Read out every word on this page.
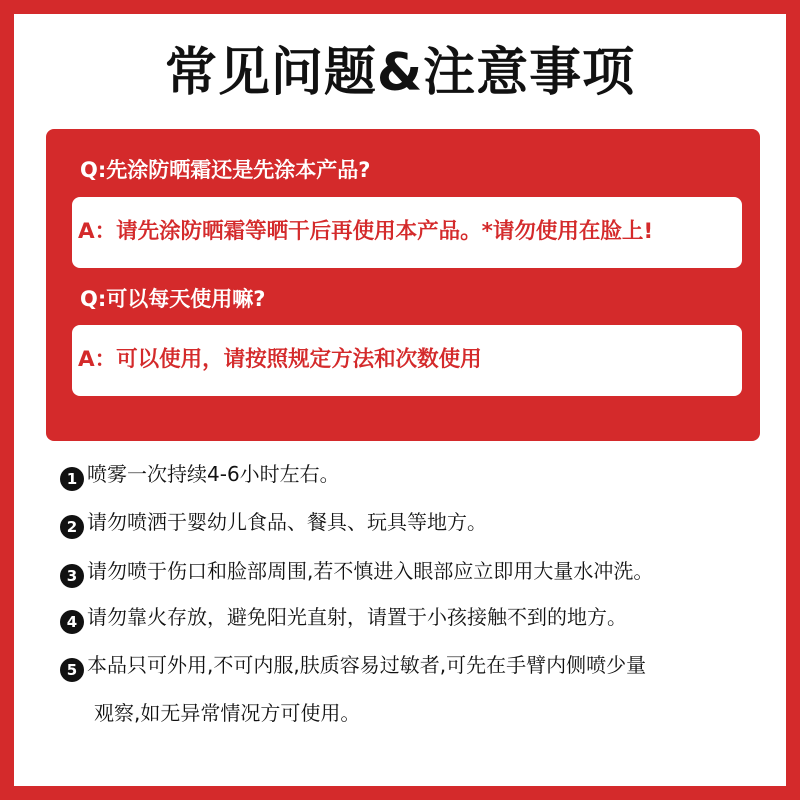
常见问题&注意事项
Q:先涂防晒霜还是先涂本产品?
A：请先涂防晒霜等晒干后再使用本产品。*请勿使用在脸上!
Q:可以每天使用嘛?
A：可以使用，请按照规定方法和次数使用
1 喷雾一次持续4-6小时左右。
2 请勿喷洒于婴幼儿食品、餐具、玩具等地方。
3 请勿喷于伤口和脸部周围,若不慎进入眼部应立即用大量水冲洗。
4 请勿靠火存放，避免阳光直射，请置于小孩接触不到的地方。
5 本品只可外用,不可内服,肤质容易过敏者,可先在手臂内侧喷少量
观察,如无异常情况方可使用。
